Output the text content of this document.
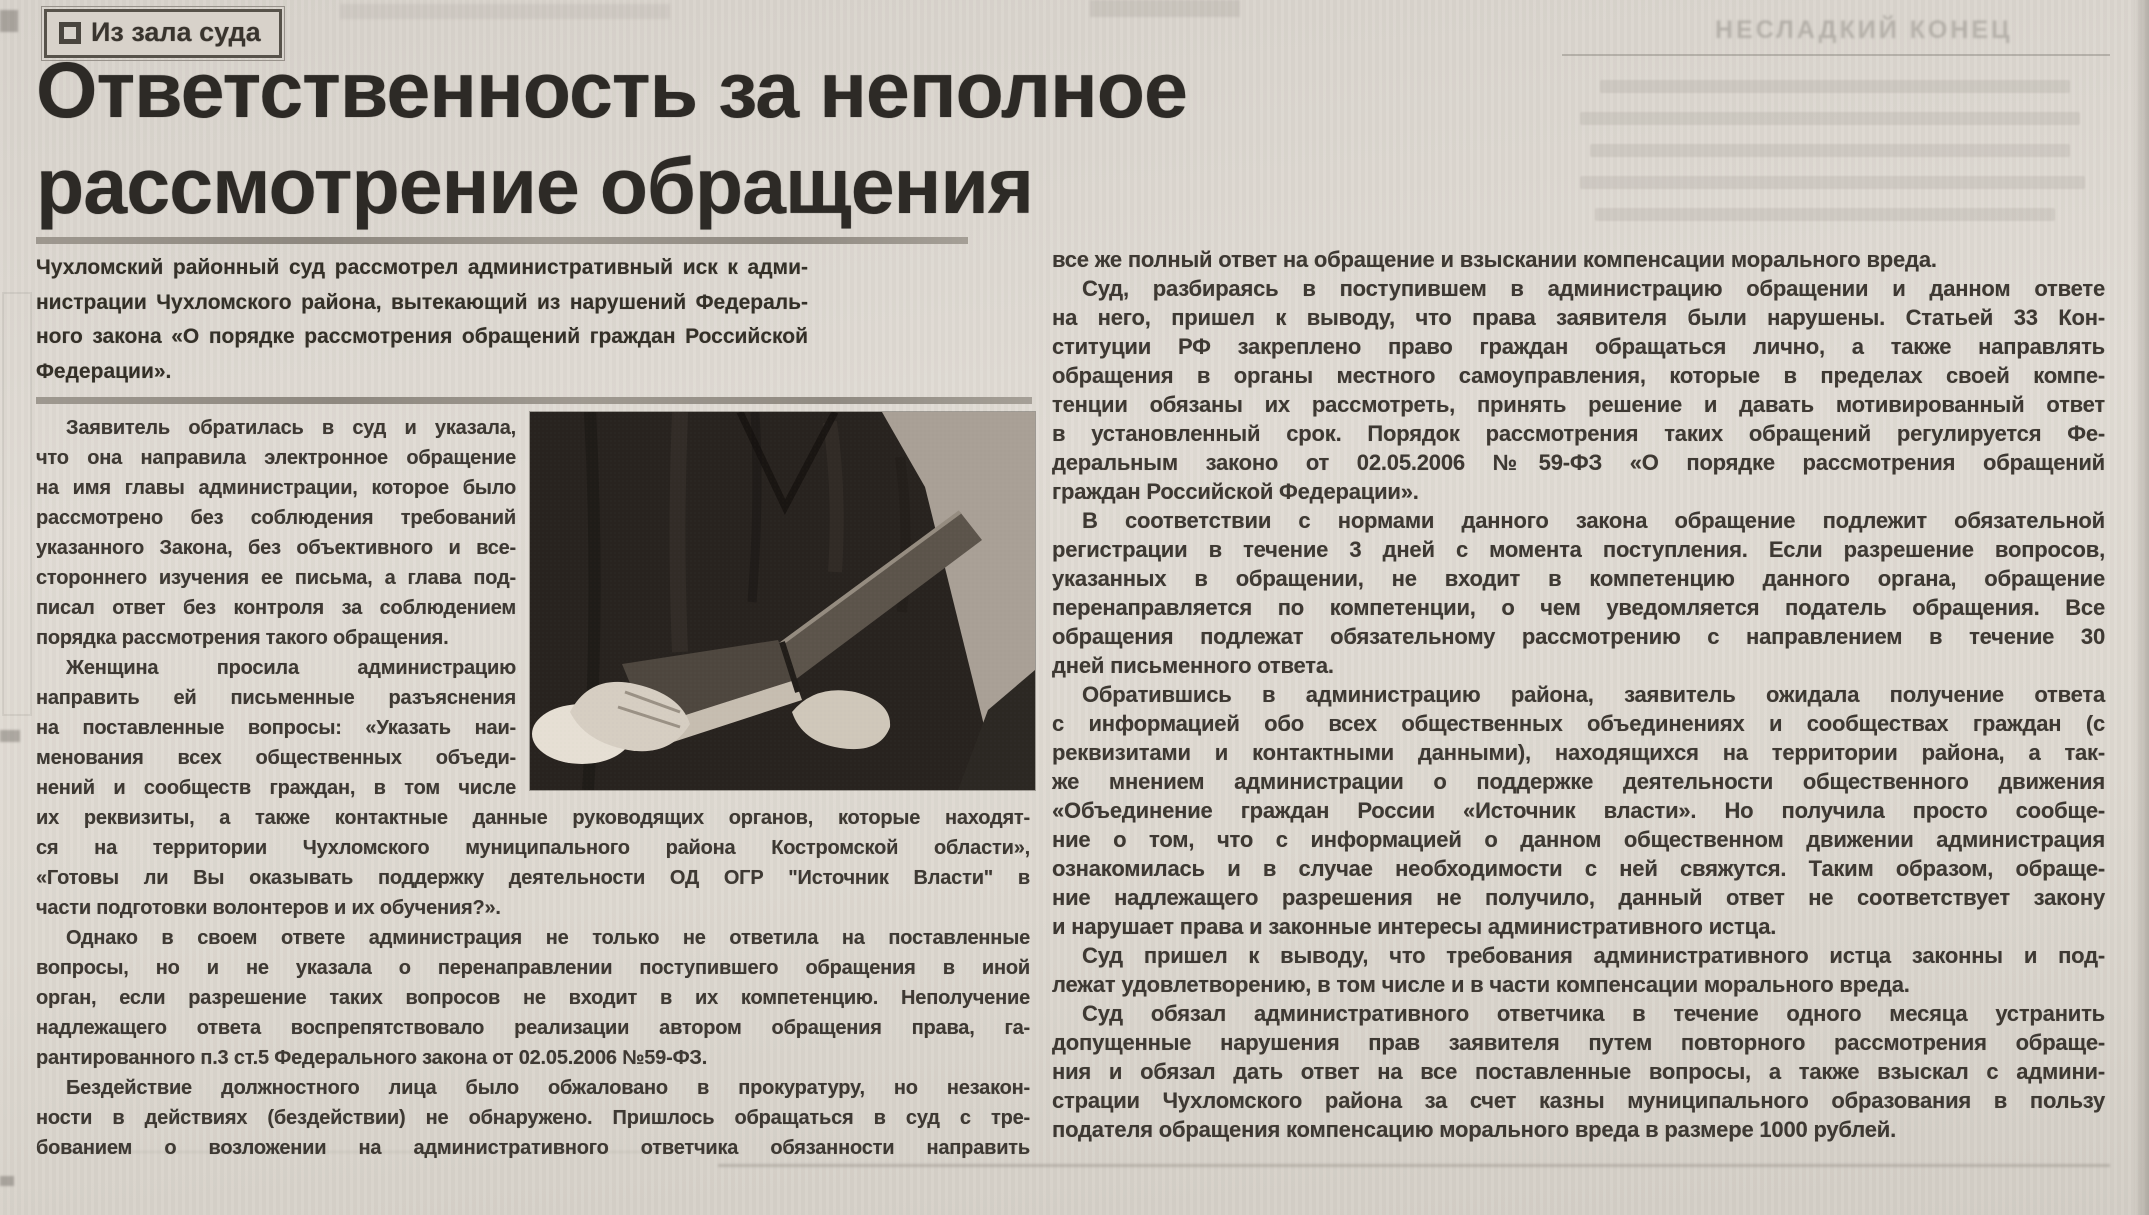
НЕСЛАДКИЙ КОНЕЦ
Из зала суда
Ответственность за неполное
рассмотрение обращения
Чухломский районный суд рассмотрел административный иск к адми-
нистрации Чухломского района, вытекающий из нарушений Федераль-
ного закона «О порядке рассмотрения обращений граждан Российской
Федерации».
Заявитель обратилась в суд и указала,
что она направила электронное обращение
на имя главы администрации, которое было
рассмотрено без соблюдения требований
указанного Закона, без объективного и все-
стороннего изучения ее письма, а глава под-
писал ответ без контроля за соблюдением
порядка рассмотрения такого обращения.
Женщина просила администрацию
направить ей письменные разъяснения
на поставленные вопросы: «Указать наи-
менования всех общественных объеди-
нений и сообществ граждан, в том числе
их реквизиты, а также контактные данные руководящих органов, которые находят-
ся на территории Чухломского муниципального района Костромской области»,
«Готовы ли Вы оказывать поддержку деятельности ОД ОГР "Источник Власти" в
части подготовки волонтеров и их обучения?».
Однако в своем ответе администрация не только не ответила на поставленные
вопросы, но и не указала о перенаправлении поступившего обращения в иной
орган, если разрешение таких вопросов не входит в их компетенцию. Неполучение
надлежащего ответа воспрепятствовало реализации автором обращения права, га-
рантированного п.3 ст.5 Федерального закона от 02.05.2006 №59-ФЗ.
Бездействие должностного лица было обжаловано в прокуратуру, но незакон-
ности в действиях (бездействии) не обнаружено. Пришлось обращаться в суд с тре-
бованием о возложении на административного ответчика обязанности направить
все же полный ответ на обращение и взыскании компенсации морального вреда.
Суд, разбираясь в поступившем в администрацию обращении и данном ответе
на него, пришел к выводу, что права заявителя были нарушены. Статьей 33 Кон-
ституции РФ закреплено право граждан обращаться лично, а также направлять
обращения в органы местного самоуправления, которые в пределах своей компе-
тенции обязаны их рассмотреть, принять решение и давать мотивированный ответ
в установленный срок. Порядок рассмотрения таких обращений регулируется Фе-
деральным законо от 02.05.2006 №59-ФЗ «О порядке рассмотрения обращений
граждан Российской Федерации».
В соответствии с нормами данного закона обращение подлежит обязательной
регистрации в течение 3 дней с момента поступления. Если разрешение вопросов,
указанных в обращении, не входит в компетенцию данного органа, обращение
перенаправляется по компетенции, о чем уведомляется податель обращения. Все
обращения подлежат обязательному рассмотрению с направлением в течение 30
дней письменного ответа.
Обратившись в администрацию района, заявитель ожидала получение ответа
с информацией обо всех общественных объединениях и сообществах граждан (с
реквизитами и контактными данными), находящихся на территории района, а так-
же мнением администрации о поддержке деятельности общественного движения
«Объединение граждан России «Источник власти». Но получила просто сообще-
ние о том, что с информацией о данном общественном движении администрация
ознакомилась и в случае необходимости с ней свяжутся. Таким образом, обраще-
ние надлежащего разрешения не получило, данный ответ не соответствует закону
и нарушает права и законные интересы административного истца.
Суд пришел к выводу, что требования административного истца законны и под-
лежат удовлетворению, в том числе и в части компенсации морального вреда.
Суд обязал административного ответчика в течение одного месяца устранить
допущенные нарушения прав заявителя путем повторного рассмотрения обраще-
ния и обязал дать ответ на все поставленные вопросы, а также взыскал с админи-
страции Чухломского района за счет казны муниципального образования в пользу
подателя обращения компенсацию морального вреда в размере 1000 рублей.
